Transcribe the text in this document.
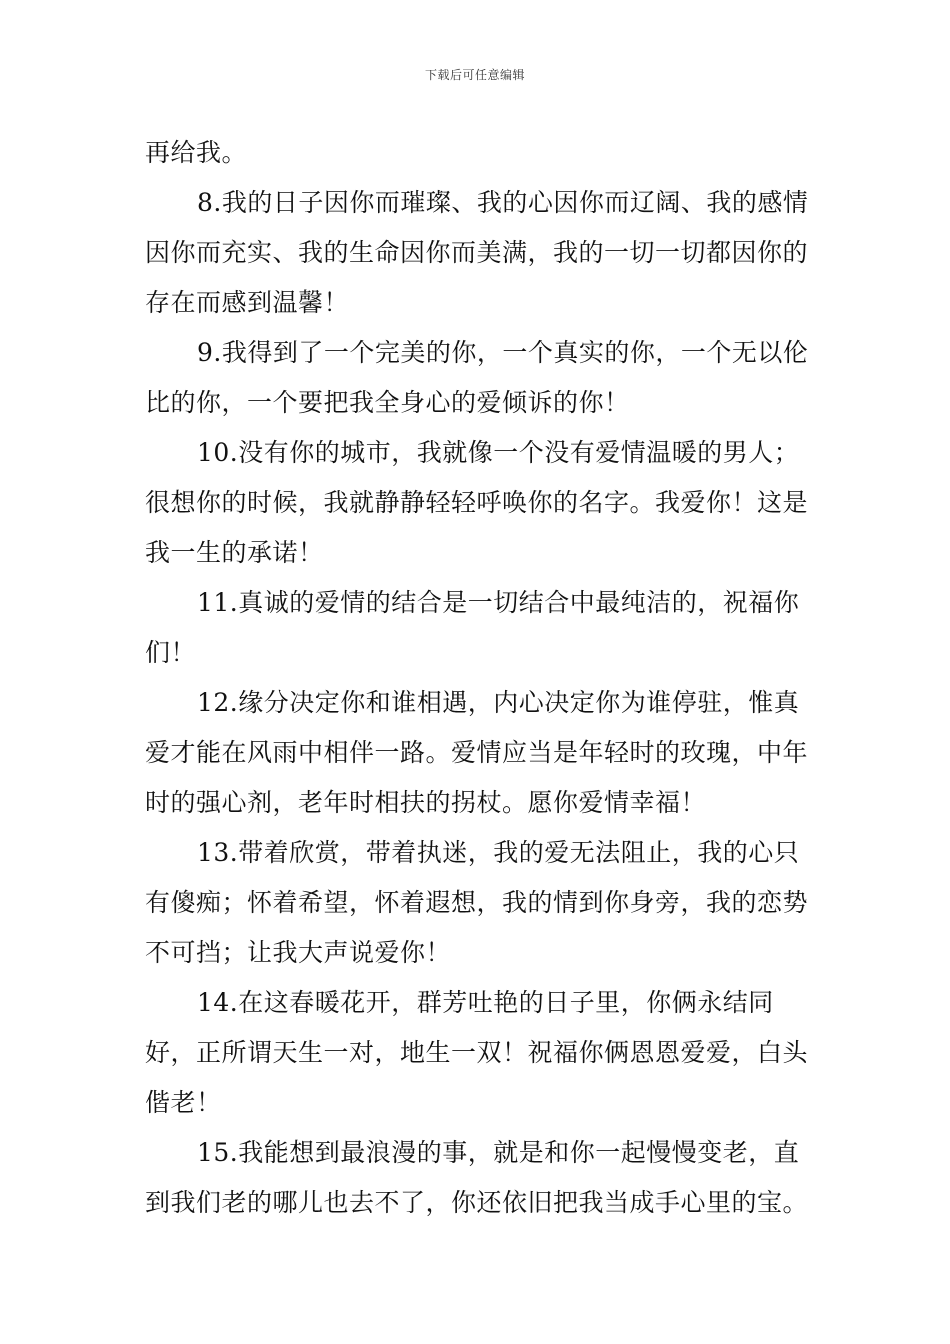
下载后可任意编辑

再给我。

8.我的日子因你而璀璨、我的心因你而辽阔、我的感情因你而充实、我的生命因你而美满，我的一切一切都因你的存在而感到温馨！

9.我得到了一个完美的你，一个真实的你，一个无以伦比的你，一个要把我全身心的爱倾诉的你！

10.没有你的城市，我就像一个没有爱情温暖的男人；很想你的时候，我就静静轻轻呼唤你的名字。我爱你！这是我一生的承诺！

11.真诚的爱情的结合是一切结合中最纯洁的，祝福你们！

12.缘分决定你和谁相遇，内心决定你为谁停驻，惟真爱才能在风雨中相伴一路。爱情应当是年轻时的玫瑰，中年时的强心剂，老年时相扶的拐杖。愿你爱情幸福！

13.带着欣赏，带着执迷，我的爱无法阻止，我的心只有傻痴；怀着希望，怀着遐想，我的情到你身旁，我的恋势不可挡；让我大声说爱你！

14.在这春暖花开，群芳吐艳的日子里，你俩永结同好，正所谓天生一对，地生一双！祝福你俩恩恩爱爱，白头偕老！

15.我能想到最浪漫的事，就是和你一起慢慢变老，直到我们老的哪儿也去不了，你还依旧把我当成手心里的宝。
